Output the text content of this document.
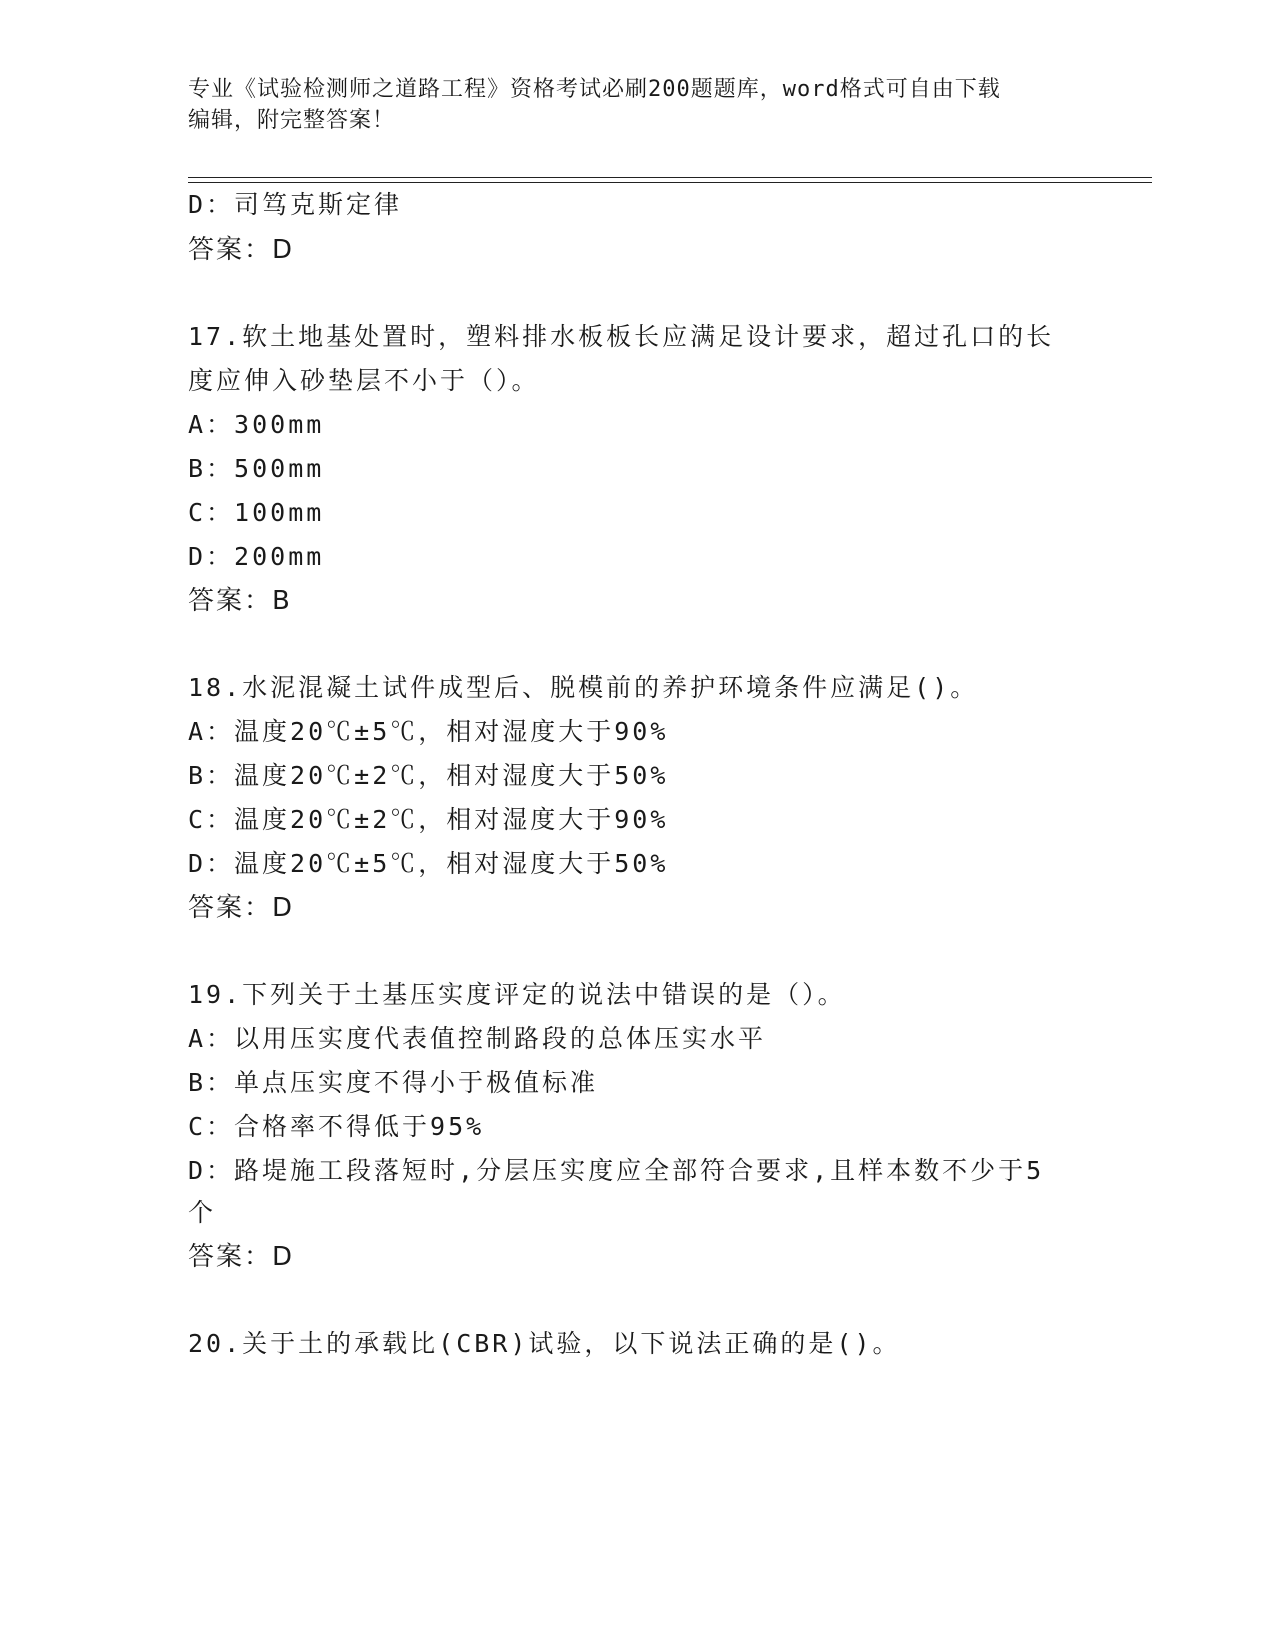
专业《试验检测师之道路工程》资格考试必刷200题题库，word格式可自由下载
编辑，附完整答案！
D：司笃克斯定律
答案：D
17.软土地基处置时，塑料排水板板长应满足设计要求，超过孔口的长
度应伸入砂垫层不小于（）。
A：300mm
B：500mm
C：100mm
D：200mm
答案：B
18.水泥混凝土试件成型后、脱模前的养护环境条件应满足()。
A：温度20℃±5℃，相对湿度大于90%
B：温度20℃±2℃，相对湿度大于50%
C：温度20℃±2℃，相对湿度大于90%
D：温度20℃±5℃，相对湿度大于50%
答案：D
19.下列关于土基压实度评定的说法中错误的是（）。
A：以用压实度代表值控制路段的总体压实水平
B：单点压实度不得小于极值标准
C：合格率不得低于95%
D：路堤施工段落短时,分层压实度应全部符合要求,且样本数不少于5
个
答案：D
20.关于土的承载比(CBR)试验，以下说法正确的是()。
